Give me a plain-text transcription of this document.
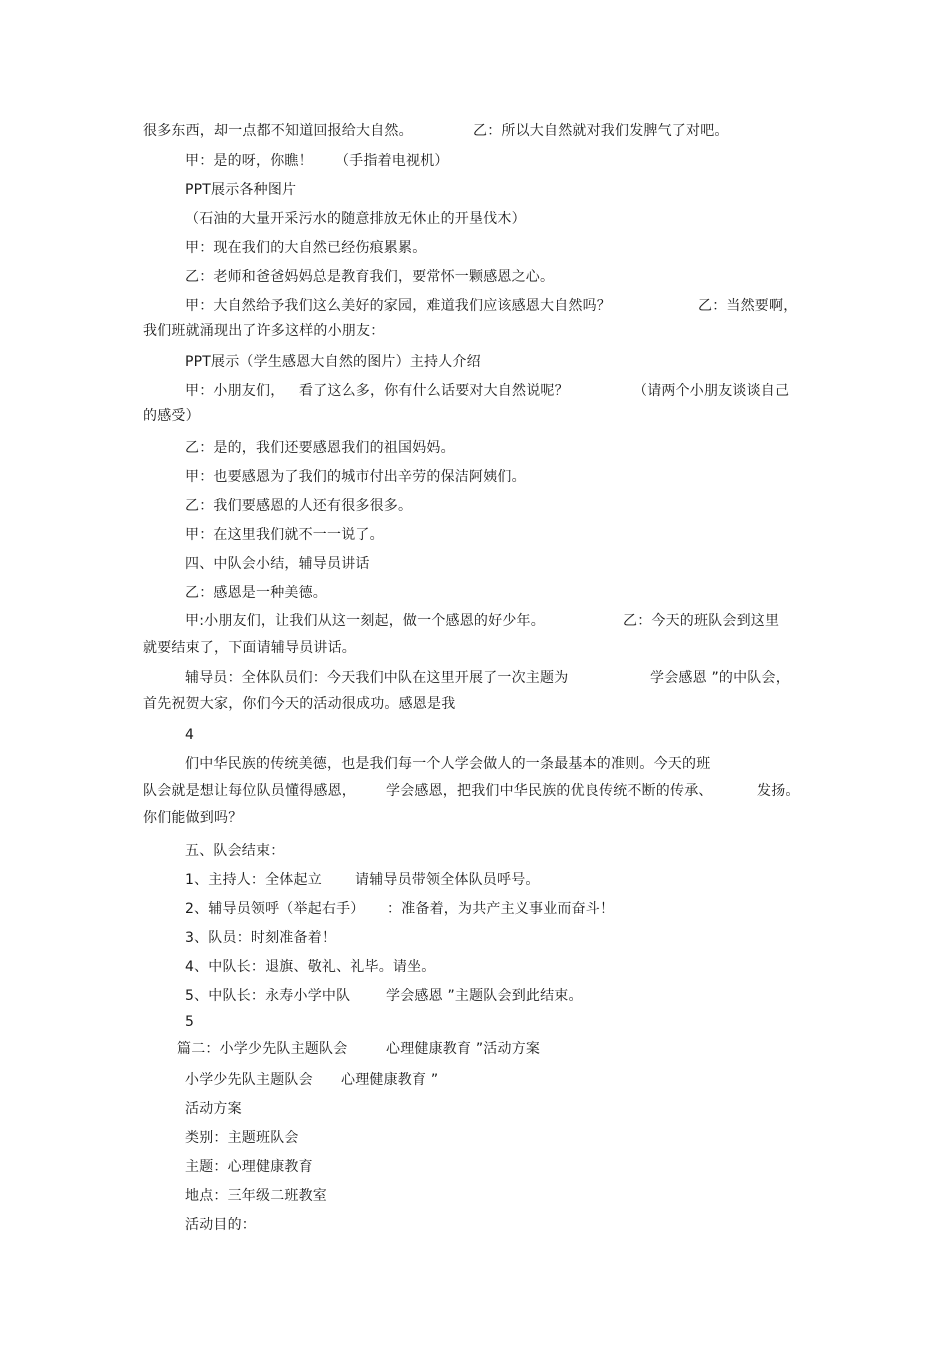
很多东西，却一点都不知道回报给大自然。	乙：所以大自然就对我们发脾气了对吧。
甲：是的呀，你瞧！ （手指着电视机）
PPT展示各种图片
（石油的大量开采污水的随意排放无休止的开垦伐木）
甲：现在我们的大自然已经伤痕累累。
乙：老师和爸爸妈妈总是教育我们，要常怀一颗感恩之心。
甲：大自然给予我们这么美好的家园，难道我们应该感恩大自然吗？	乙：当然要啊，
我们班就涌现出了许多这样的小朋友：
PPT展示（学生感恩大自然的图片）主持人介绍
甲：小朋友们， 看了这么多，你有什么话要对大自然说呢？	（请两个小朋友谈谈自己
的感受）
乙：是的，我们还要感恩我们的祖国妈妈。
甲：也要感恩为了我们的城市付出辛劳的保洁阿姨们。
乙：我们要感恩的人还有很多很多。
甲：在这里我们就不一一说了。
四、中队会小结，辅导员讲话
乙：感恩是一种美德。
甲:小朋友们，让我们从这一刻起，做一个感恩的好少年。	乙：今天的班队会到这里
就要结束了，下面请辅导员讲话。
辅导员：全体队员们：今天我们中队在这里开展了一次主题为	学会感恩 ”的中队会，
首先祝贺大家，你们今天的活动很成功。感恩是我
4
们中华民族的传统美德，也是我们每一个人学会做人的一条最基本的准则。今天的班
队会就是想让每位队员懂得感恩， 学会感恩，把我们中华民族的优良传统不断的传承、	发扬。
你们能做到吗？
五、队会结束：
1、主持人：全体起立 请辅导员带领全体队员呼号。
2、辅导员领呼（举起右手） ：准备着，为共产主义事业而奋斗！
3、队员：时刻准备着！
4、中队长：退旗、敬礼、礼毕。请坐。
5、中队长：永寿小学中队	学会感恩 ”主题队会到此结束。
5
篇二：小学少先队主题队会	心理健康教育 ”活动方案
小学少先队主题队会 心理健康教育 ”
活动方案
类别：主题班队会
主题：心理健康教育
地点：三年级二班教室
活动目的：
